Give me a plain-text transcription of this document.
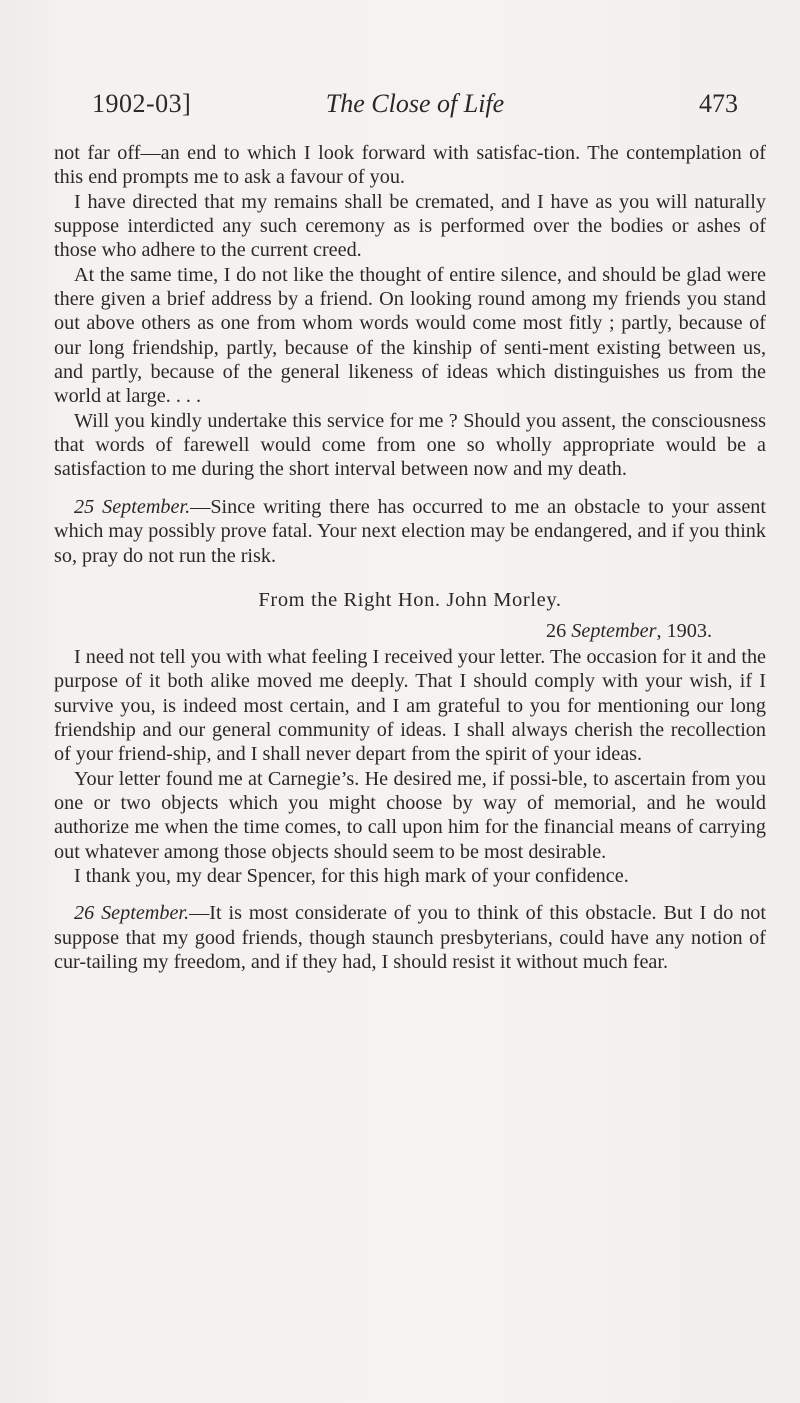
1902-03]	The Close of Life	473

not far off—an end to which I look forward with satisfac-tion. The contemplation of this end prompts me to ask a favour of you.

I have directed that my remains shall be cremated, and I have as you will naturally suppose interdicted any such ceremony as is performed over the bodies or ashes of those who adhere to the current creed.

At the same time, I do not like the thought of entire silence, and should be glad were there given a brief address by a friend. On looking round among my friends you stand out above others as one from whom words would come most fitly ; partly, because of our long friendship, partly, because of the kinship of senti-ment existing between us, and partly, because of the general likeness of ideas which distinguishes us from the world at large. . . .

Will you kindly undertake this service for me ? Should you assent, the consciousness that words of farewell would come from one so wholly appropriate would be a satisfaction to me during the short interval between now and my death.

25 September.—Since writing there has occurred to me an obstacle to your assent which may possibly prove fatal. Your next election may be endangered, and if you think so, pray do not run the risk.

From the Right Hon. John Morley.

26 September, 1903.

I need not tell you with what feeling I received your letter. The occasion for it and the purpose of it both alike moved me deeply. That I should comply with your wish, if I survive you, is indeed most certain, and I am grateful to you for mentioning our long friendship and our general community of ideas. I shall always cherish the recollection of your friend-ship, and I shall never depart from the spirit of your ideas.

Your letter found me at Carnegie’s. He desired me, if possi-ble, to ascertain from you one or two objects which you might choose by way of memorial, and he would authorize me when the time comes, to call upon him for the financial means of carrying out whatever among those objects should seem to be most desirable.

I thank you, my dear Spencer, for this high mark of your confidence.

26 September.—It is most considerate of you to think of this obstacle. But I do not suppose that my good friends, though staunch presbyterians, could have any notion of cur-tailing my freedom, and if they had, I should resist it without much fear.
